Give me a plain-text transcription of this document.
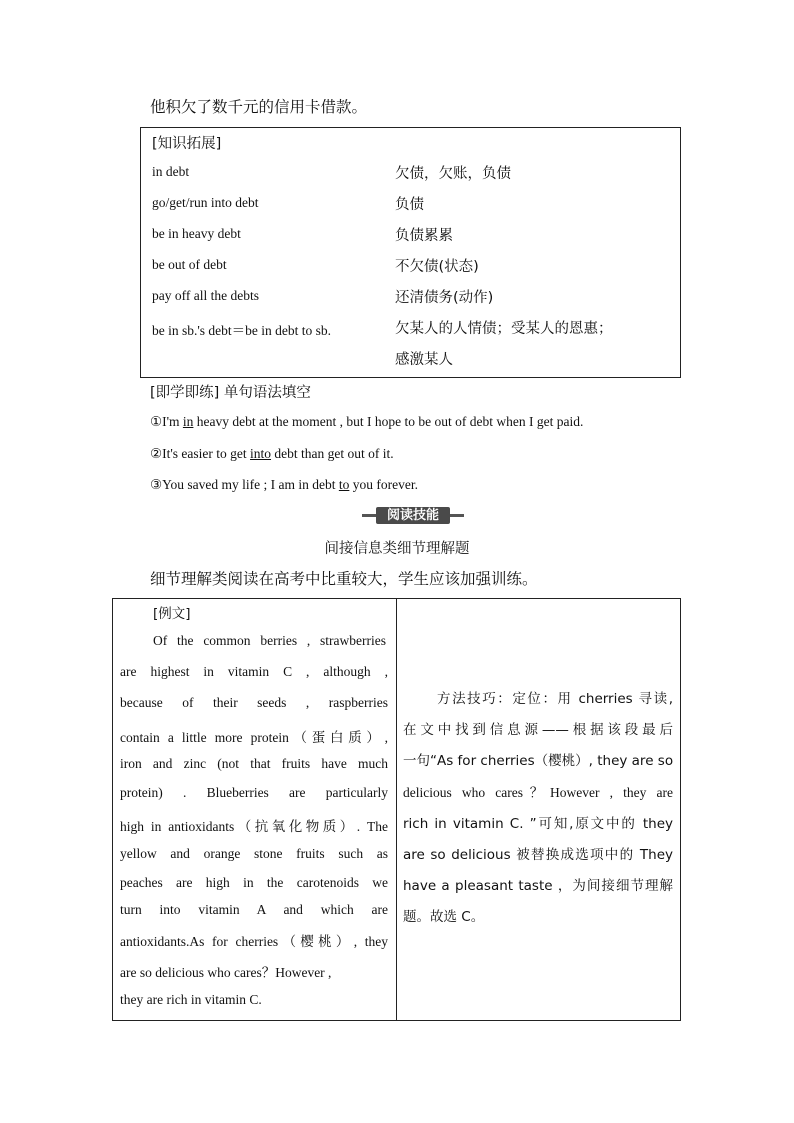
他积欠了数千元的信用卡借款。
[知识拓展]
in debt	欠债，欠账，负债
go/get/run into debt	负债
be in heavy debt	负债累累
be out of debt	不欠债(状态)
pay off all the debts	还清债务(动作)
be in sb.'s debt＝be in debt to sb.	欠某人的人情债；受某人的恩惠；
感激某人
[即学即练] 单句语法填空
①I'm in heavy debt at the moment , but I hope to be out of debt when I get paid.
②It's easier to get into debt than get out of it.
③You saved my life ; I am in debt to you forever.
阅读技能
间接信息类细节理解题
细节理解类阅读在高考中比重较大，学生应该加强训练。
[例文]
Of the common berries , strawberries
are highest in vitamin C , although ,
because of their seeds , raspberries
contain a little more protein（蛋白质）,
iron and zinc (not that fruits have much
protein) . Blueberries are particularly
high in antioxidants（抗氧化物质）. The
yellow and orange stone fruits such as
peaches are high in the carotenoids we
turn into vitamin A and which are
antioxidants.As for cherries（樱桃）, they
are so delicious who cares？However ,
they are rich in vitamin C.
方法技巧：定位：用 cherries 寻读,
在文中找到信息源——根据该段最后
一句“As for cherries（樱桃）, they are so
delicious who cares？However , they are
rich in vitamin C. ”可知,原文中的 they
are so delicious 被替换成选项中的 They
have a pleasant taste ，为间接细节理解
题。故选 C。
